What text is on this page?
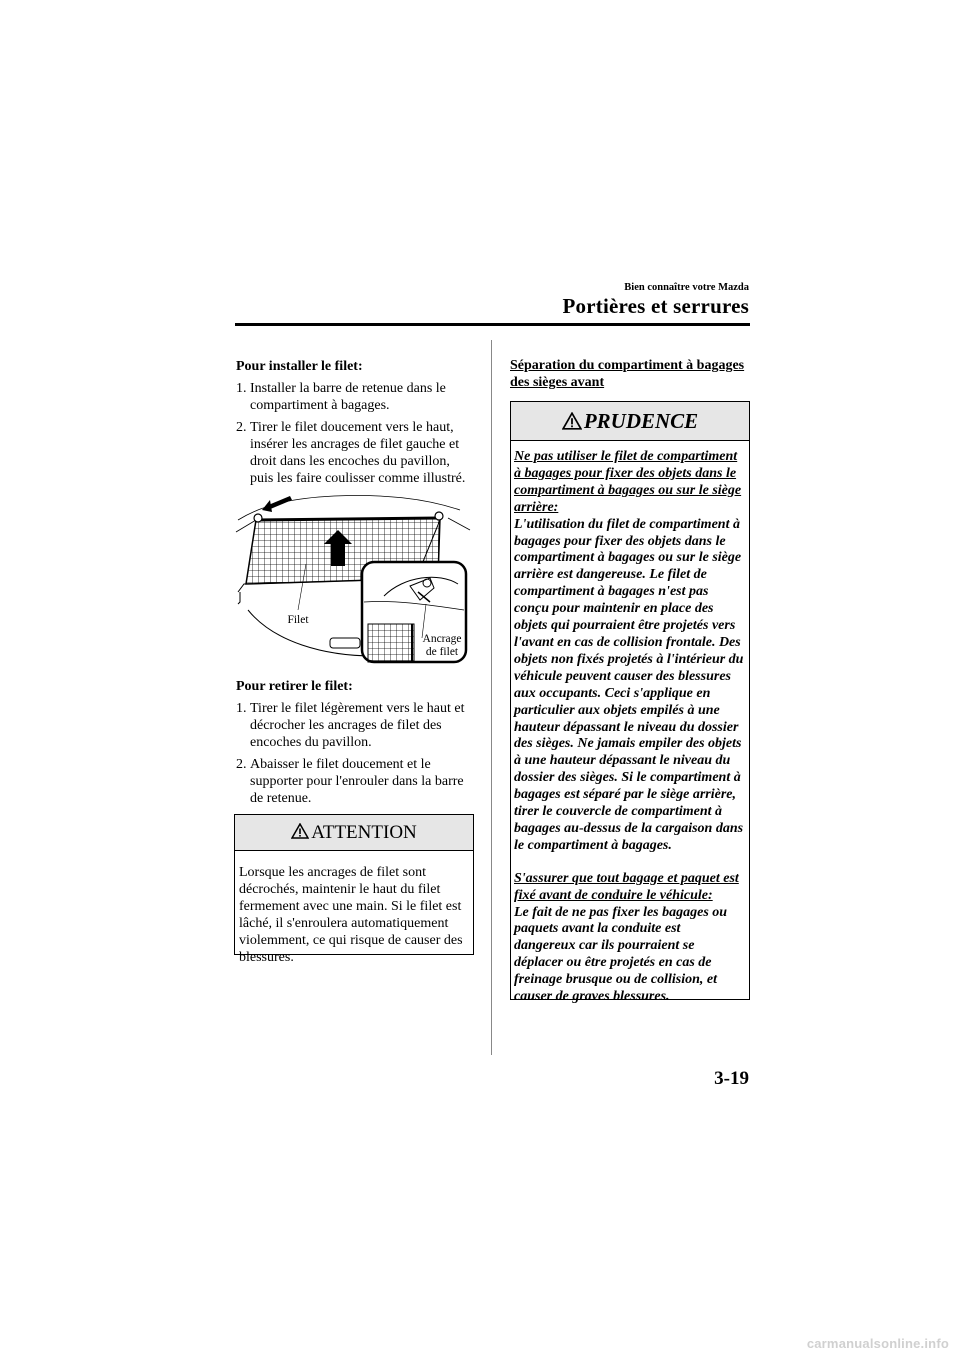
Bien connaître votre Mazda
Portières et serrures
Pour installer le filet:
1. Installer la barre de retenue dans le compartiment à bagages.
2. Tirer le filet doucement vers le haut, insérer les ancrages de filet gauche et droit dans les encoches du pavillon, puis les faire coulisser comme illustré.
Filet
Ancrage
de filet
Pour retirer le filet:
1. Tirer le filet légèrement vers le haut et décrocher les ancrages de filet des encoches du pavillon.
2. Abaisser le filet doucement et le supporter pour l'enrouler dans la barre de retenue.
ATTENTION
Lorsque les ancrages de filet sont décrochés, maintenir le haut du filet fermement avec une main. Si le filet est lâché, il s'enroulera automatiquement violemment, ce qui risque de causer des blessures.
Séparation du compartiment à bagages des sièges avant
PRUDENCE
Ne pas utiliser le filet de compartiment à bagages pour fixer des objets dans le compartiment à bagages ou sur le siège arrière:
L'utilisation du filet de compartiment à bagages pour fixer des objets dans le compartiment à bagages ou sur le siège arrière est dangereuse. Le filet de compartiment à bagages n'est pas conçu pour maintenir en place des objets qui pourraient être projetés vers l'avant en cas de collision frontale. Des objets non fixés projetés à l'intérieur du véhicule peuvent causer des blessures aux occupants. Ceci s'applique en particulier aux objets empilés à une hauteur dépassant le niveau du dossier des sièges. Ne jamais empiler des objets à une hauteur dépassant le niveau du dossier des sièges. Si le compartiment à bagages est séparé par le siège arrière, tirer le couvercle de compartiment à bagages au-dessus de la cargaison dans le compartiment à bagages.
S'assurer que tout bagage et paquet est fixé avant de conduire le véhicule:
Le fait de ne pas fixer les bagages ou paquets avant la conduite est dangereux car ils pourraient se déplacer ou être projetés en cas de freinage brusque ou de collision, et causer de graves blessures.
3-19
carmanualsonline.info
